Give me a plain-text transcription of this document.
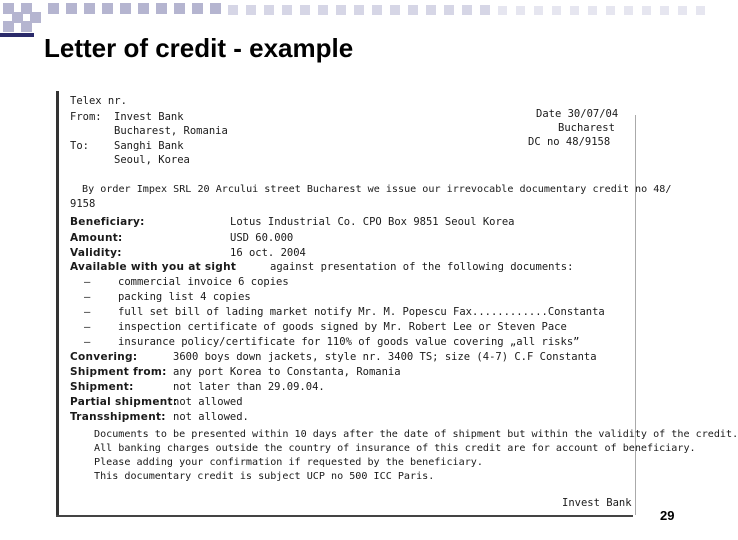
Letter of credit - example
Telex nr.
From: Invest Bank
Bucharest, Romania
To: Sanghi Bank
Seoul, Korea
Date 30/07/04
Bucharest
DC no 48/9158
By order Impex SRL 20 Arcului street Bucharest we issue our irrevocable documentary credit no 48/
9158
Beneficiary:	Lotus Industrial Co. CPO Box 9851 Seoul Korea
Amount:	USD 60.000
Validity:	16 oct. 2004
Available with you at sight	against presentation of the following documents:
–	commercial invoice 6 copies
–	packing list 4 copies
–	full set bill of lading market notify Mr. M. Popescu Fax............Constanta
–	inspection certificate of goods signed by Mr. Robert Lee or Steven Pace
–	insurance policy/certificate for 110% of goods value covering „all risks”
Convering:	3600 boys down jackets, style nr. 3400 TS; size (4-7) C.F Constanta
Shipment from: any port Korea to Constanta, Romania
Shipment:	not later than 29.09.04.
Partial shipment:
not allowed
Transshipment: not allowed.
Documents to be presented within 10 days after the date of shipment but within the validity of the credit.
All banking charges outside the country of insurance of this credit are for account of beneficiary.
Please adding your confirmation if requested by the beneficiary.
This documentary credit is subject UCP no 500 ICC Paris.
Invest Bank
29
